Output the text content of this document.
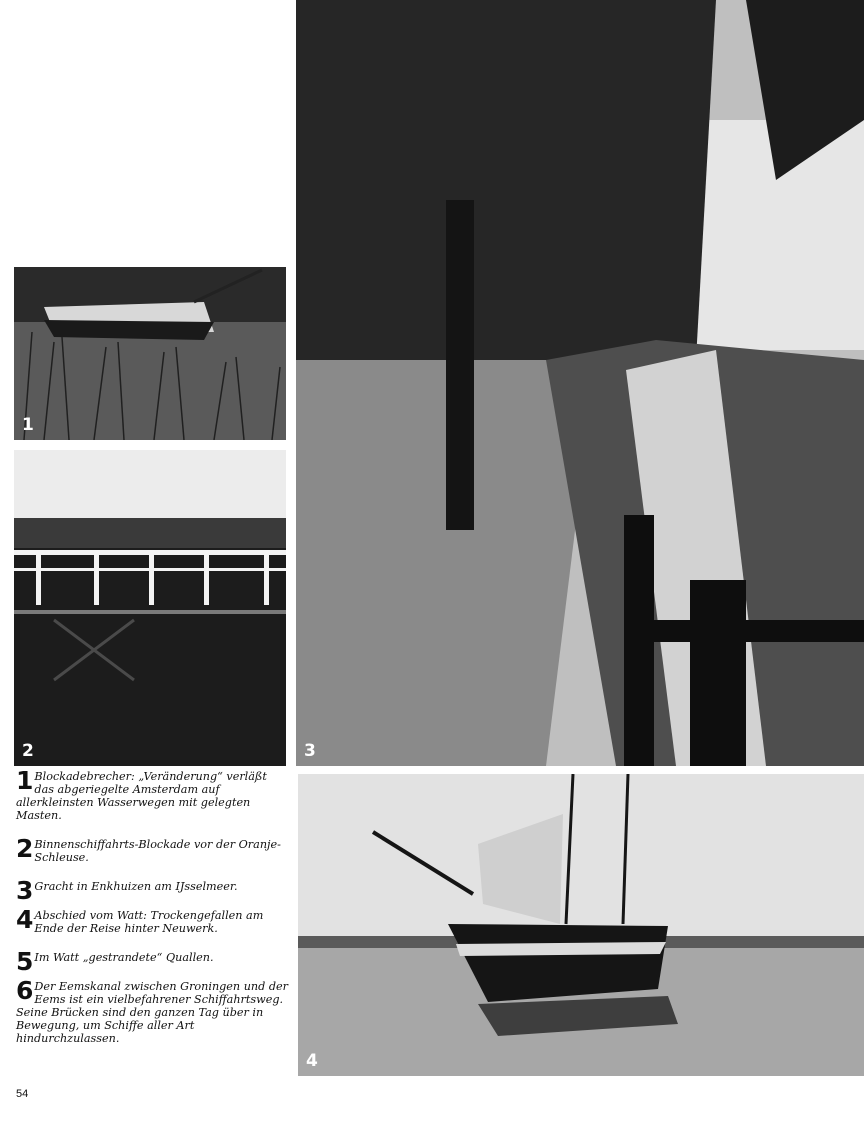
1
2	3
4
1 Blockadebrecher: „Veränderung“ verläßt das abgeriegelte Amsterdam auf allerkleinsten Wasserwegen mit gelegten Masten.
2 Binnenschiffahrts-Blockade vor der Oranje-Schleuse.
3 Gracht in Enkhuizen am IJsselmeer.
4 Abschied vom Watt: Trockengefallen am Ende der Reise hinter Neuwerk.
5 Im Watt „gestrandete“ Quallen.
6 Der Eemskanal zwischen Groningen und der Eems ist ein vielbefahrener Schiffahrtsweg. Seine Brücken sind den ganzen Tag über in Bewegung, um Schiffe aller Art hindurchzulassen.
54
